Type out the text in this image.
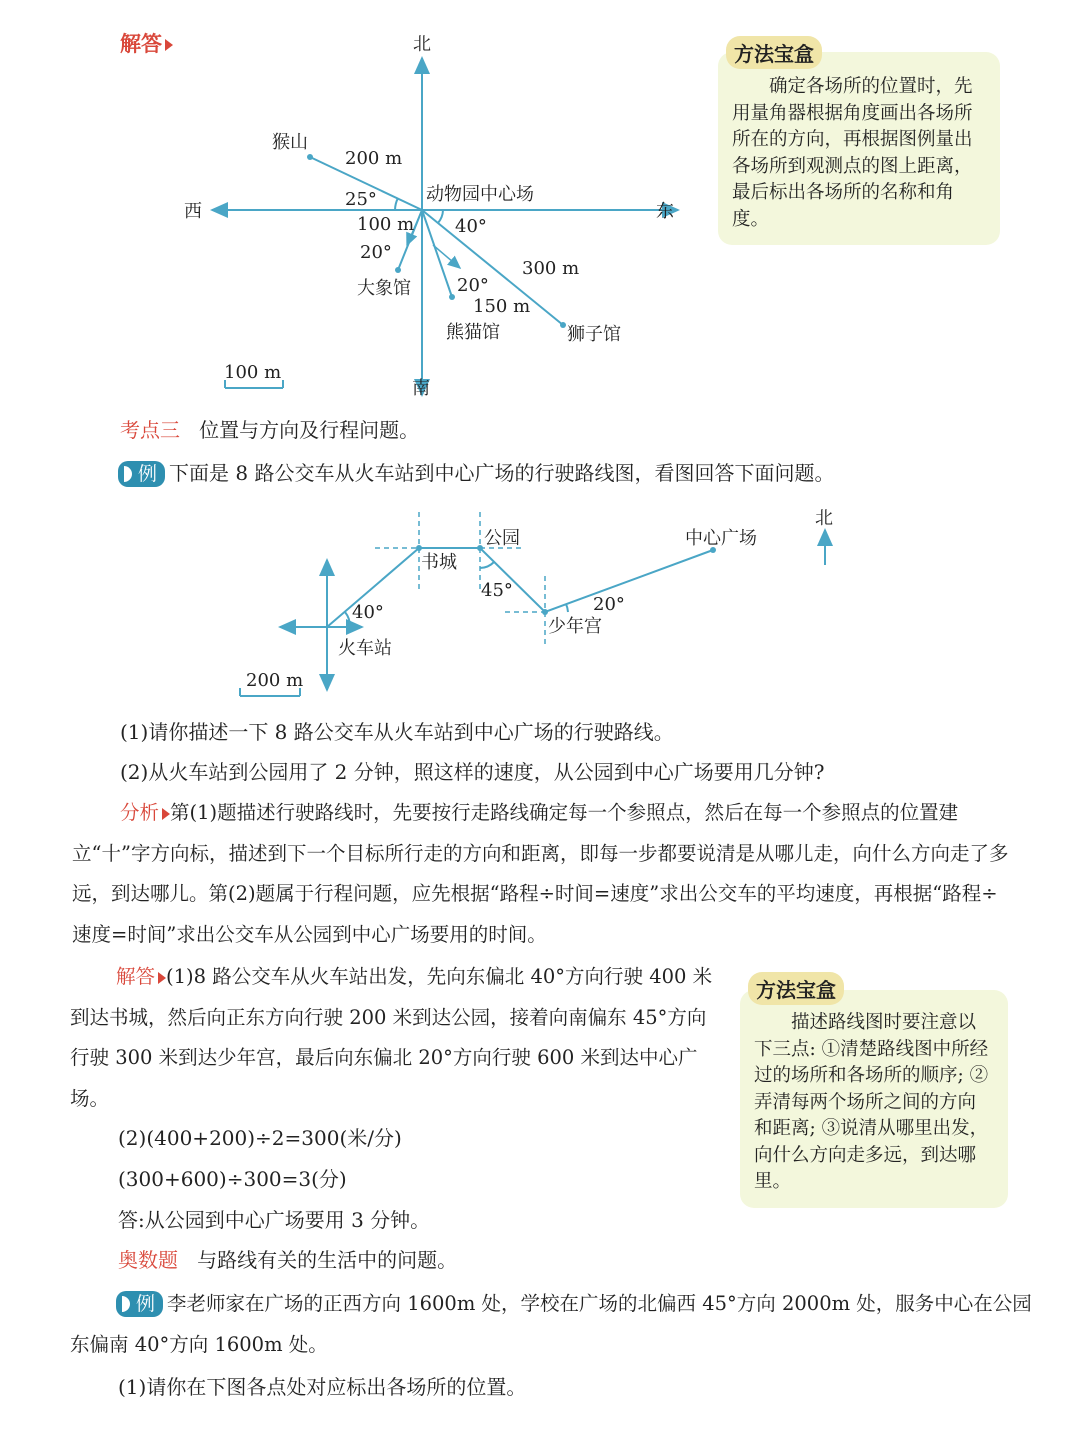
解答	北
南
西	东
动物园中心场
猴山
200 m
25°
100 m
20°
大象馆
40°
300 m
狮子馆
20°
150 m
熊猫馆
100 m
确定各场所的位置时，先用量角器根据角度画出各场所所在的方向，再根据图例量出各场所到观测点的图上距离，最后标出各场所的名称和角度。
方法宝盒
考点三 位置与方向及行程问题。
例 下面是 8 路公交车从火车站到中心广场的行驶路线图，看图回答下面问题。
40°
火车站
书城
公园
45°
少年宫
20°
中心广场
北
200 m
(1)请你描述一下 8 路公交车从火车站到中心广场的行驶路线。
(2)从火车站到公园用了 2 分钟，照这样的速度，从公园到中心广场要用几分钟?
分析 第(1)题描述行驶路线时，先要按行走路线确定每一个参照点，然后在每一个参照点的位置建立“十”字方向标，描述到下一个目标所行走的方向和距离，即每一步都要说清是从哪儿走，向什么方向走了多远，到达哪儿。第(2)题属于行程问题，应先根据“路程÷时间=速度”求出公交车的平均速度，再根据“路程÷速度=时间”求出公交车从公园到中心广场要用的时间。
解答 (1)8 路公交车从火车站出发，先向东偏北 40°方向行驶 400 米到达书城，然后向正东方向行驶 200 米到达公园，接着向南偏东 45°方向行驶 300 米到达少年宫，最后向东偏北 20°方向行驶 600 米到达中心广场。
(2)(400+200)÷2=300(米/分)
(300+600)÷300=3(分)
答:从公园到中心广场要用 3 分钟。
描述路线图时要注意以下三点: ①清楚路线图中所经过的场所和各场所的顺序; ②弄清每两个场所之间的方向和距离; ③说清从哪里出发，向什么方向走多远，到达哪里。
方法宝盒
奥数题 与路线有关的生活中的问题。
例 李老师家在广场的正西方向 1600m 处，学校在广场的北偏西 45°方向 2000m 处，服务中心在公园东偏南 40°方向 1600m 处。
(1)请你在下图各点处对应标出各场所的位置。
